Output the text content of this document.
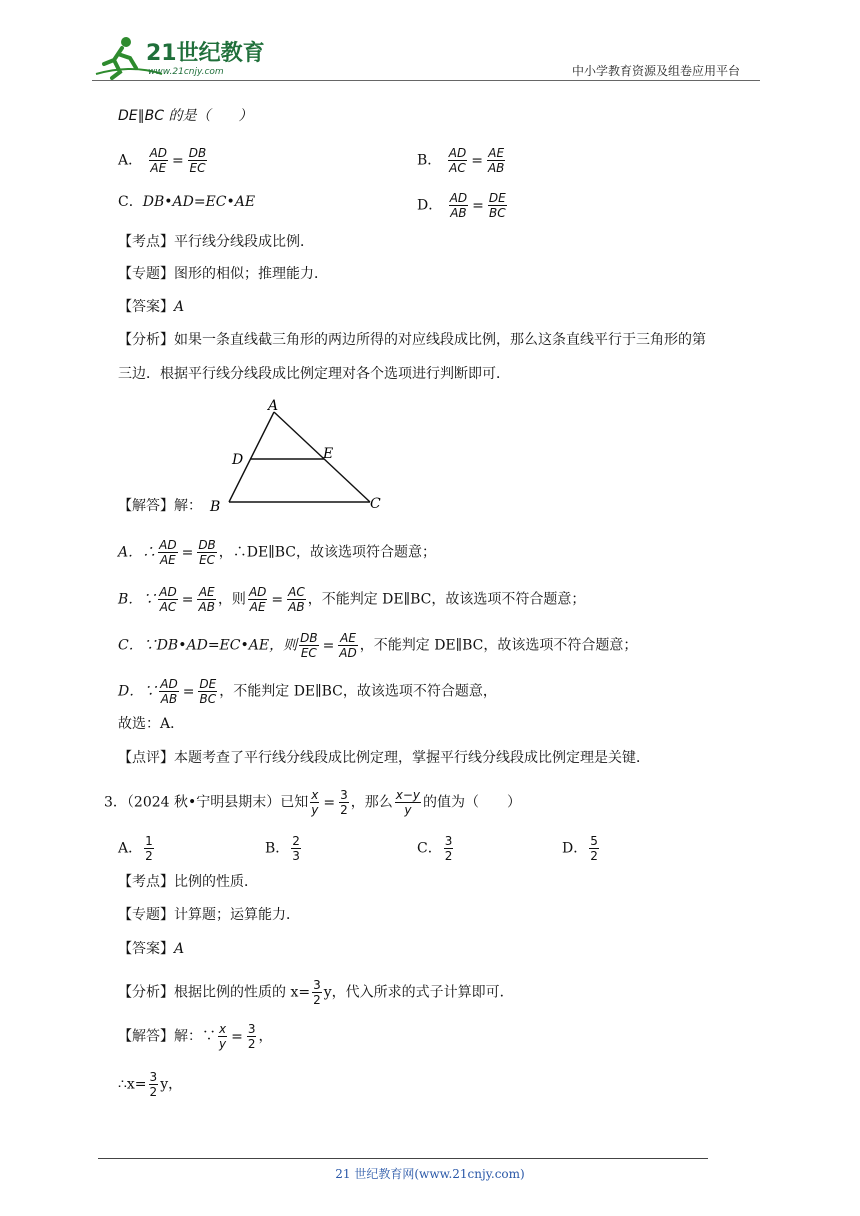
21世纪教育
www.21cnjy.com	中小学教育资源及组卷应用平台
DE∥BC 的是（　　）
A． $\frac{AD}{AE} = \frac{DB}{EC}$	B． $\frac{AD}{AC} = \frac{AE}{AB}$
C．DB•AD=EC•AE	D． $\frac{AD}{AB} = \frac{DE}{BC}$
【考点】平行线分线段成比例．
【专题】图形的相似；推理能力．
【答案】A
【分析】如果一条直线截三角形的两边所得的对应线段成比例，那么这条直线平行于三角形的第
三边．根据平行线分线段成比例定理对各个选项进行判断即可．
A
D	E
B	C
【解答】解：
A．∴ $\frac{AD}{AE} = \frac{DB}{EC}$ ，∴DE∥BC，故该选项符合题意；
B．∵ $\frac{AD}{AC} = \frac{AE}{AB}$ ，则 $\frac{AD}{AE} = \frac{AC}{AB}$ ，不能判定 DE∥BC，故该选项不符合题意；
C．∵DB•AD=EC•AE，则 $\frac{DB}{EC} = \frac{AE}{AD}$ ，不能判定 DE∥BC，故该选项不符合题意；
D．∵ $\frac{AD}{AB} = \frac{DE}{BC}$ ，不能判定 DE∥BC，故该选项不符合题意，
故选：A．
【点评】本题考查了平行线分线段成比例定理，掌握平行线分线段成比例定理是关键．
3．（2024 秋•宁明县期末）已知 $\frac{x}{y} = \frac{3}{2}$ ，那么 $\frac{x-y}{y}$ 的值为（　　）
A． $\frac{1}{2}$	B． $\frac{2}{3}$	C． $\frac{3}{2}$	D． $\frac{5}{2}$
【考点】比例的性质．
【专题】计算题；运算能力．
【答案】A
【分析】根据比例的性质的 $x= \frac{3}{2}$ y，代入所求的式子计算即可．
【解答】解：∵ $\frac{x}{y} = \frac{3}{2}$ ，
∴x= $\frac{3}{2}$ y，
21 世纪教育网(www.21cnjy.com)
